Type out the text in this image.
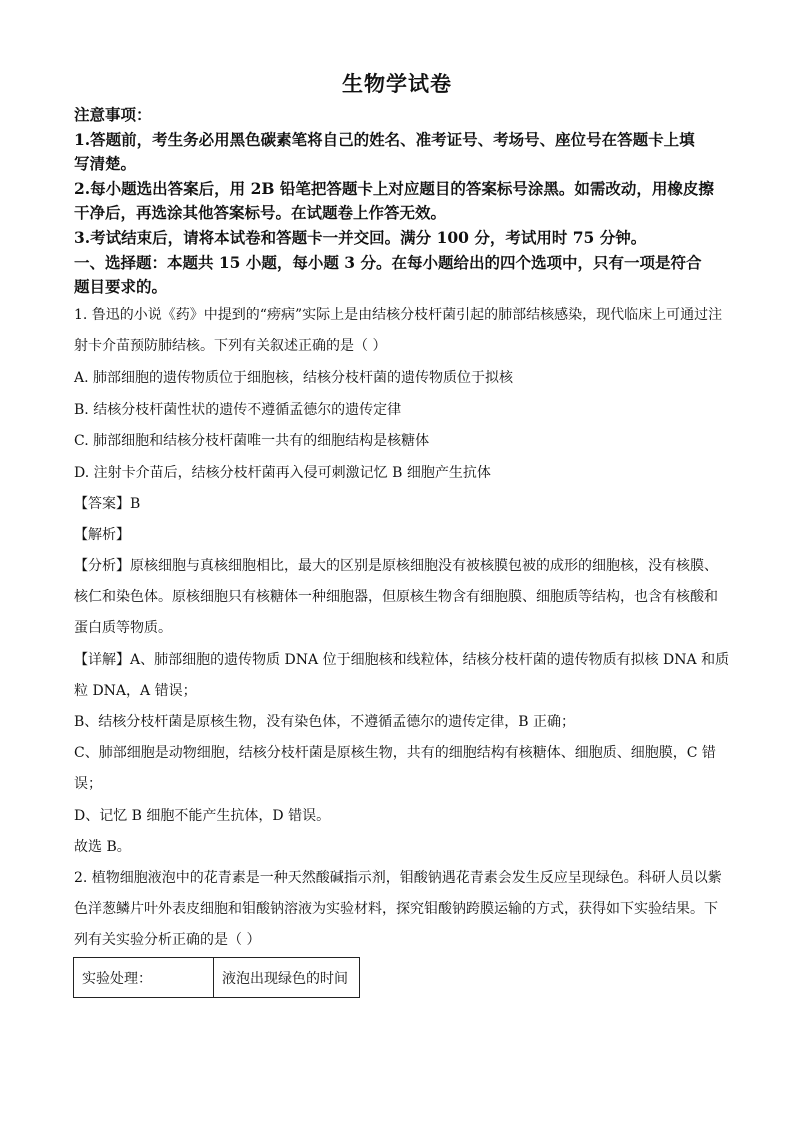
生物学试卷
注意事项：
1.答题前，考生务必用黑色碳素笔将自己的姓名、准考证号、考场号、座位号在答题卡上填
写清楚。
2.每小题选出答案后，用 2B 铅笔把答题卡上对应题目的答案标号涂黑。如需改动，用橡皮擦
干净后，再选涂其他答案标号。在试题卷上作答无效。
3.考试结束后，请将本试卷和答题卡一并交回。满分 100 分，考试用时 75 分钟。
一、选择题：本题共 15 小题，每小题 3 分。在每小题给出的四个选项中，只有一项是符合
题目要求的。
1. 鲁迅的小说《药》中提到的“痨病”实际上是由结核分枝杆菌引起的肺部结核感染，现代临床上可通过注
射卡介苗预防肺结核。下列有关叙述正确的是（ ）
A. 肺部细胞的遗传物质位于细胞核，结核分枝杆菌的遗传物质位于拟核
B. 结核分枝杆菌性状的遗传不遵循孟德尔的遗传定律
C. 肺部细胞和结核分枝杆菌唯一共有的细胞结构是核糖体
D. 注射卡介苗后，结核分枝杆菌再入侵可刺激记忆 B 细胞产生抗体
【答案】B
【解析】
【分析】原核细胞与真核细胞相比，最大的区别是原核细胞没有被核膜包被的成形的细胞核，没有核膜、
核仁和染色体。原核细胞只有核糖体一种细胞器，但原核生物含有细胞膜、细胞质等结构，也含有核酸和
蛋白质等物质。
【详解】A、肺部细胞的遗传物质 DNA 位于细胞核和线粒体，结核分枝杆菌的遗传物质有拟核 DNA 和质
粒 DNA，A 错误；
B、结核分枝杆菌是原核生物，没有染色体，不遵循孟德尔的遗传定律，B 正确；
C、肺部细胞是动物细胞，结核分枝杆菌是原核生物，共有的细胞结构有核糖体、细胞质、细胞膜，C 错
误；
D、记忆 B 细胞不能产生抗体，D 错误。
故选 B。
2. 植物细胞液泡中的花青素是一种天然酸碱指示剂，钼酸钠遇花青素会发生反应呈现绿色。科研人员以紫
色洋葱鳞片叶外表皮细胞和钼酸钠溶液为实验材料，探究钼酸钠跨膜运输的方式，获得如下实验结果。下
列有关实验分析正确的是（ ）
实验处理：	液泡出现绿色的时间
